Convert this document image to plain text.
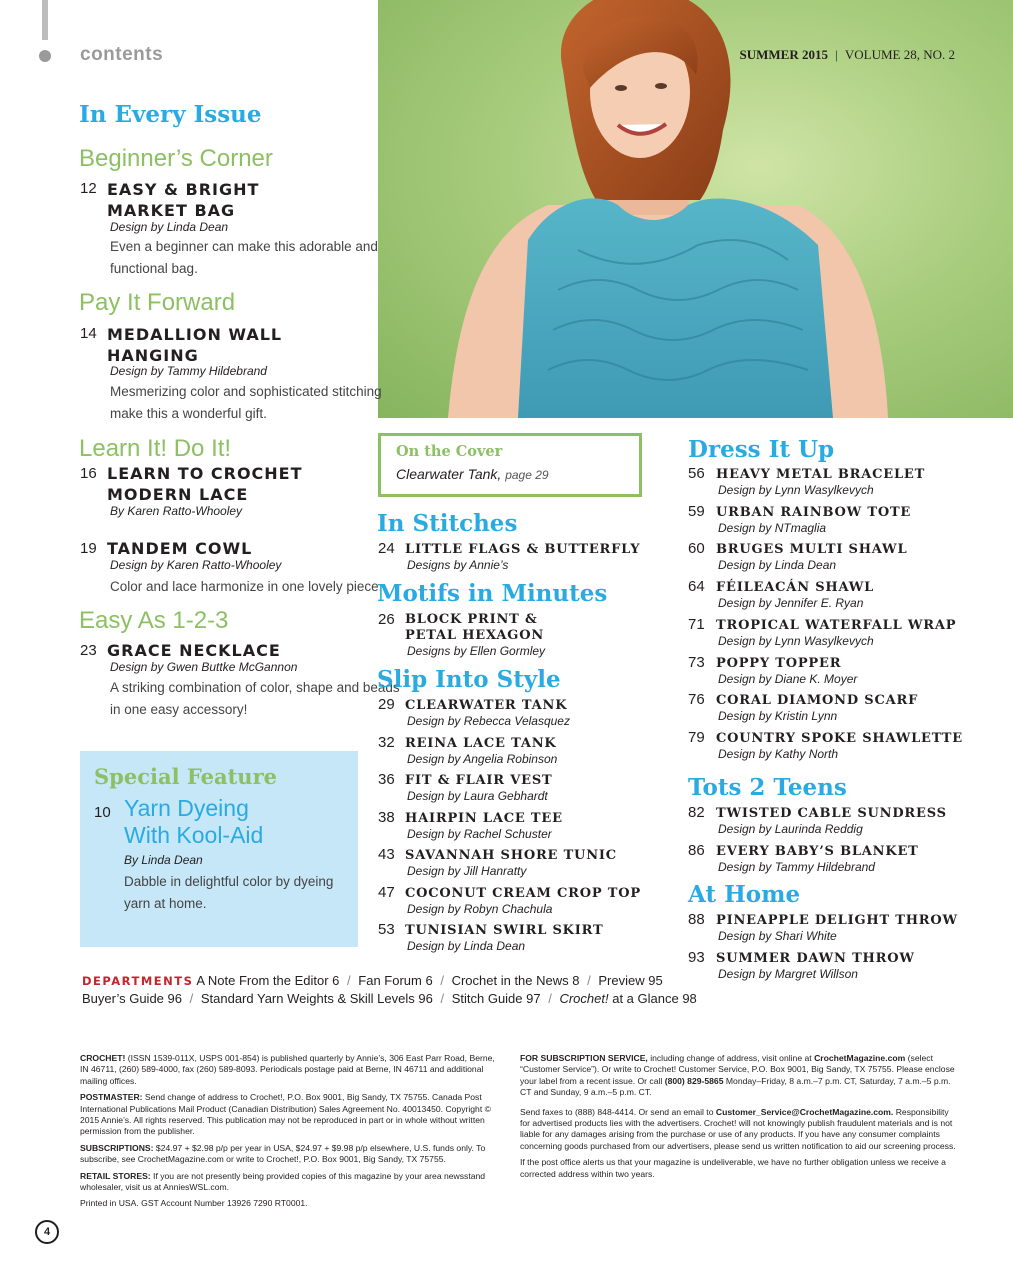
contents	SUMMER 2015 | VOLUME 28, NO. 2
In Every Issue
Beginner’s Corner
12 EASY & BRIGHT
MARKET BAG
Design by Linda Dean
Even a beginner can make this adorable and
functional bag.
Pay It Forward
14 MEDALLION WALL
HANGING
Design by Tammy Hildebrand
Mesmerizing color and sophisticated stitching
make this a wonderful gift.
Learn It! Do It!
16 LEARN TO CROCHET
MODERN LACE
By Karen Ratto-Whooley
19 TANDEM COWL
Design by Karen Ratto-Whooley
Color and lace harmonize in one lovely piece.
Easy As 1-2-3
23 GRACE NECKLACE
Design by Gwen Buttke McGannon
A striking combination of color, shape and beads
in one easy accessory!
Special Feature
10 Yarn Dyeing
With Kool-Aid
By Linda Dean
Dabble in delightful color by dyeing
yarn at home.
On the Cover
Clearwater Tank, page 29
In Stitches
24 LITTLE FLAGS & BUTTERFLY
Designs by Annie’s
Motifs in Minutes
26 BLOCK PRINT &
PETAL HEXAGON
Designs by Ellen Gormley
Slip Into Style
29 CLEARWATER TANK
Design by Rebecca Velasquez
32 REINA LACE TANK
Design by Angelia Robinson
36 FIT & FLAIR VEST
Design by Laura Gebhardt
38 HAIRPIN LACE TEE
Design by Rachel Schuster
43 SAVANNAH SHORE TUNIC
Design by Jill Hanratty
47 COCONUT CREAM CROP TOP
Design by Robyn Chachula
53 TUNISIAN SWIRL SKIRT
Design by Linda Dean
Dress It Up
56 HEAVY METAL BRACELET
Design by Lynn Wasylkevych
59 URBAN RAINBOW TOTE
Design by NTmaglia
60 BRUGES MULTI SHAWL
Design by Linda Dean
64 FÉILEACÁN SHAWL
Design by Jennifer E. Ryan
71 TROPICAL WATERFALL WRAP
Design by Lynn Wasylkevych
73 POPPY TOPPER
Design by Diane K. Moyer
76 CORAL DIAMOND SCARF
Design by Kristin Lynn
79 COUNTRY SPOKE SHAWLETTE
Design by Kathy North
Tots 2 Teens
82 TWISTED CABLE SUNDRESS
Design by Laurinda Reddig
86 EVERY BABY’S BLANKET
Design by Tammy Hildebrand
At Home
88 PINEAPPLE DELIGHT THROW
Design by Shari White
93 SUMMER DAWN THROW
Design by Margret Willson
DEPARTMENTS A Note From the Editor 6 / Fan Forum 6 / Crochet in the News 8 / Preview 95
Buyer’s Guide 96 / Standard Yarn Weights & Skill Levels 96 / Stitch Guide 97 / Crochet! at a Glance 98

CROCHET! (ISSN 1539-011X, USPS 001-854) is published quarterly by Annie’s, 306 East Parr Road, Berne, IN 46711, (260) 589-4000, fax (260) 589-8093. Periodicals postage paid at Berne, IN 46711 and additional mailing offices.

POSTMASTER: Send change of address to Crochet!, P.O. Box 9001, Big Sandy, TX 75755. Canada Post International Publications Mail Product (Canadian Distribution) Sales Agreement No. 40013450. Copyright © 2015 Annie’s. All rights reserved. This publication may not be reproduced in part or in whole without written permission from the publisher.

SUBSCRIPTIONS: $24.97 + $2.98 p/p per year in USA, $24.97 + $9.98 p/p elsewhere, U.S. funds only. To subscribe, see CrochetMagazine.com or write to Crochet!, P.O. Box 9001, Big Sandy, TX 75755.

RETAIL STORES: If you are not presently being provided copies of this magazine by your area newsstand wholesaler, visit us at AnniesWSL.com.

Printed in USA. GST Account Number 13926 7290 RT0001.

FOR SUBSCRIPTION SERVICE, including change of address, visit online at CrochetMagazine.com (select “Customer Service”). Or write to Crochet! Customer Service, P.O. Box 9001, Big Sandy, TX 75755. Please enclose your label from a recent issue. Or call (800) 829-5865 Monday–Friday, 8 a.m.–7 p.m. CT, Saturday, 7 a.m.–5 p.m. CT and Sunday, 9 a.m.–5 p.m. CT.

Send faxes to (888) 848-4414. Or send an email to Customer_Service@CrochetMagazine.com. Responsibility for advertised products lies with the advertisers. Crochet! will not knowingly publish fraudulent materials and is not liable for any damages arising from the purchase or use of any products. If you have any consumer complaints concerning goods purchased from our advertisers, please send us written notification to aid our screening process.

If the post office alerts us that your magazine is undeliverable, we have no further obligation unless we receive a corrected address within two years.

4
